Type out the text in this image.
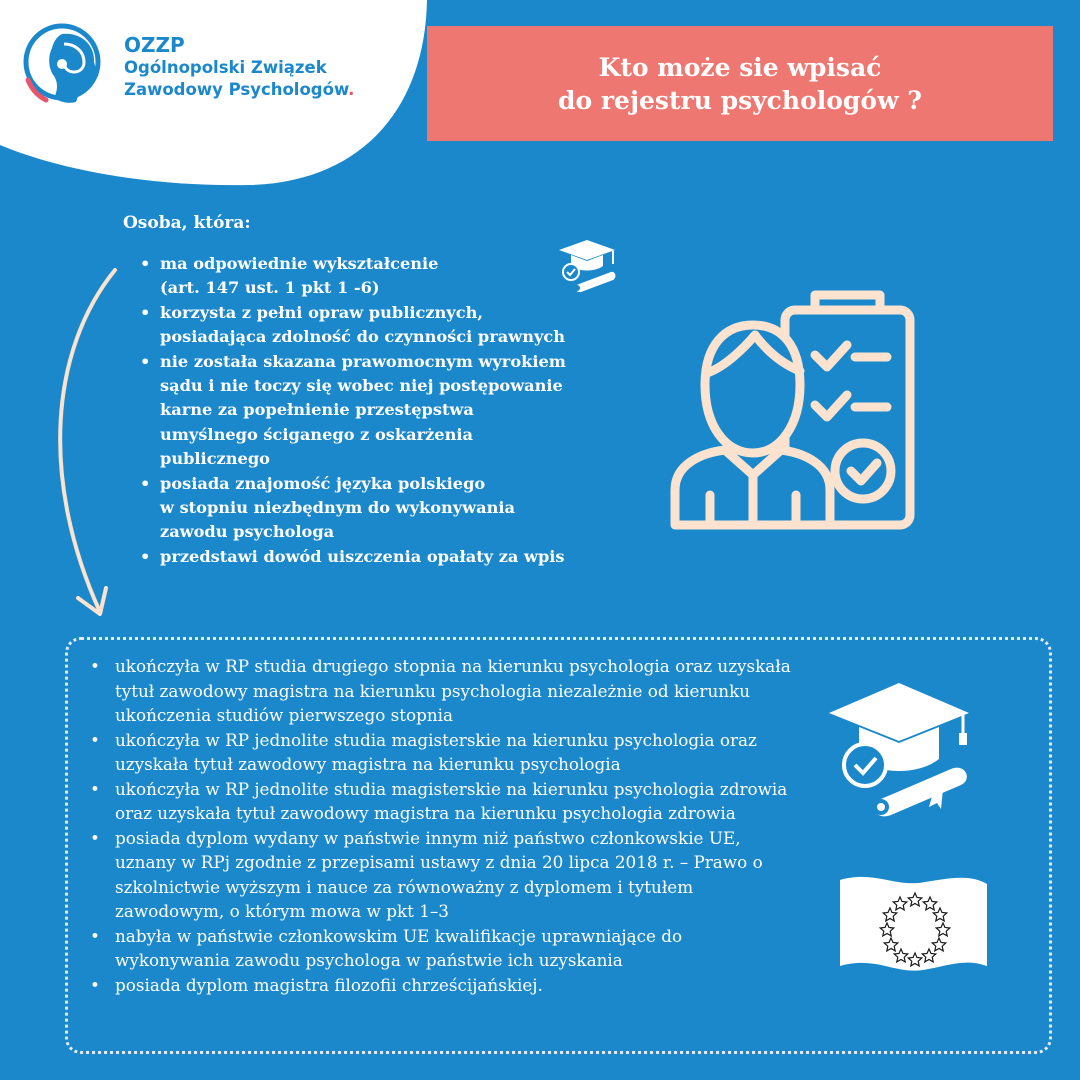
OZZP
Ogólnopolski Związek
Zawodowy Psychologów.
Kto może sie wpisać
do rejestru psychologów ?
Osoba, która:
• ma odpowiednie wykształcenie
(art. 147 ust. 1 pkt 1 -6)
• korzysta z pełni opraw publicznych,
posiadająca zdolność do czynności prawnych
• nie została skazana prawomocnym wyrokiem
sądu i nie toczy się wobec niej postępowanie
karne za popełnienie przestępstwa
umyślnego ściganego z oskarżenia
publicznego
• posiada znajomość języka polskiego
w stopniu niezbędnym do wykonywania
zawodu psychologa
• przedstawi dowód uiszczenia opałaty za wpis
• ukończyła w RP studia drugiego stopnia na kierunku psychologia oraz uzyskała tytuł zawodowy magistra na kierunku psychologia niezależnie od kierunku ukończenia studiów pierwszego stopnia
• ukończyła w RP jednolite studia magisterskie na kierunku psychologia oraz uzyskała tytuł zawodowy magistra na kierunku psychologia
• ukończyła w RP jednolite studia magisterskie na kierunku psychologia zdrowia oraz uzyskała tytuł zawodowy magistra na kierunku psychologia zdrowia
• posiada dyplom wydany w państwie innym niż państwo członkowskie UE, uznany w RPj zgodnie z przepisami ustawy z dnia 20 lipca 2018 r. – Prawo o szkolnictwie wyższym i nauce za równoważny z dyplomem i tytułem zawodowym, o którym mowa w pkt 1–3
• nabyła w państwie członkowskim UE kwalifikacje uprawniające do wykonywania zawodu psychologa w państwie ich uzyskania
• posiada dyplom magistra filozofii chrześcijańskiej.
